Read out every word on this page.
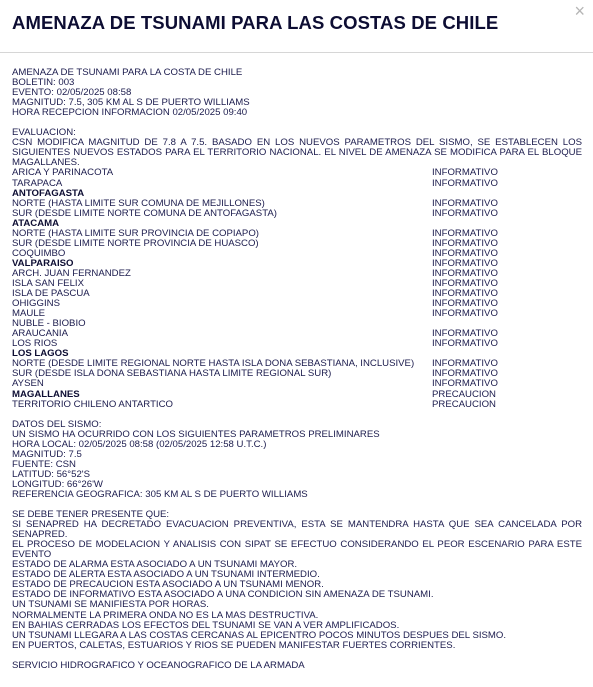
AMENAZA DE TSUNAMI PARA LAS COSTAS DE CHILE
×
AMENAZA DE TSUNAMI PARA LA COSTA DE CHILE
BOLETIN: 003
EVENTO: 02/05/2025 08:58
MAGNITUD: 7.5, 305 KM AL S DE PUERTO WILLIAMS
HORA RECEPCION INFORMACION 02/05/2025 09:40
EVALUACION:
CSN MODIFICA MAGNITUD DE 7.8 A 7.5. BASADO EN LOS NUEVOS PARAMETROS DEL SISMO, SE ESTABLECEN LOS SIGUIENTES NUEVOS ESTADOS PARA EL TERRITORIO NACIONAL. EL NIVEL DE AMENAZA SE MODIFICA PARA EL BLOQUE MAGALLANES.
ARICA Y PARINACOTA	INFORMATIVO
TARAPACA	INFORMATIVO
ANTOFAGASTA
NORTE (HASTA LIMITE SUR COMUNA DE MEJILLONES)	INFORMATIVO
SUR (DESDE LIMITE NORTE COMUNA DE ANTOFAGASTA)	INFORMATIVO
ATACAMA
NORTE (HASTA LIMITE SUR PROVINCIA DE COPIAPO)	INFORMATIVO
SUR (DESDE LIMITE NORTE PROVINCIA DE HUASCO)	INFORMATIVO
COQUIMBO	INFORMATIVO
VALPARAISO	INFORMATIVO
ARCH. JUAN FERNANDEZ	INFORMATIVO
ISLA SAN FELIX	INFORMATIVO
ISLA DE PASCUA	INFORMATIVO
OHIGGINS	INFORMATIVO
MAULE	INFORMATIVO
NUBLE - BIOBIO
ARAUCANIA	INFORMATIVO
LOS RIOS	INFORMATIVO
LOS LAGOS
NORTE (DESDE LIMITE REGIONAL NORTE HASTA ISLA DONA SEBASTIANA, INCLUSIVE)	INFORMATIVO
SUR (DESDE ISLA DONA SEBASTIANA HASTA LIMITE REGIONAL SUR)	INFORMATIVO
AYSEN	INFORMATIVO
MAGALLANES	PRECAUCION
TERRITORIO CHILENO ANTARTICO	PRECAUCION
DATOS DEL SISMO:
UN SISMO HA OCURRIDO CON LOS SIGUIENTES PARAMETROS PRELIMINARES
HORA LOCAL: 02/05/2025 08:58 (02/05/2025 12:58 U.T.C.)
MAGNITUD: 7.5
FUENTE: CSN
LATITUD: 56°52'S
LONGITUD: 66°26'W
REFERENCIA GEOGRAFICA: 305 KM AL S DE PUERTO WILLIAMS
SE DEBE TENER PRESENTE QUE:
SI SENAPRED HA DECRETADO EVACUACION PREVENTIVA, ESTA SE MANTENDRA HASTA QUE SEA CANCELADA POR SENAPRED.
EL PROCESO DE MODELACION Y ANALISIS CON SIPAT SE EFECTUO CONSIDERANDO EL PEOR ESCENARIO PARA ESTE EVENTO
ESTADO DE ALARMA ESTA ASOCIADO A UN TSUNAMI MAYOR.
ESTADO DE ALERTA ESTA ASOCIADO A UN TSUNAMI INTERMEDIO.
ESTADO DE PRECAUCION ESTA ASOCIADO A UN TSUNAMI MENOR.
ESTADO DE INFORMATIVO ESTA ASOCIADO A UNA CONDICION SIN AMENAZA DE TSUNAMI.
UN TSUNAMI SE MANIFIESTA POR HORAS.
NORMALMENTE LA PRIMERA ONDA NO ES LA MAS DESTRUCTIVA.
EN BAHIAS CERRADAS LOS EFECTOS DEL TSUNAMI SE VAN A VER AMPLIFICADOS.
UN TSUNAMI LLEGARA A LAS COSTAS CERCANAS AL EPICENTRO POCOS MINUTOS DESPUES DEL SISMO.
EN PUERTOS, CALETAS, ESTUARIOS Y RIOS SE PUEDEN MANIFESTAR FUERTES CORRIENTES.
SERVICIO HIDROGRAFICO Y OCEANOGRAFICO DE LA ARMADA
